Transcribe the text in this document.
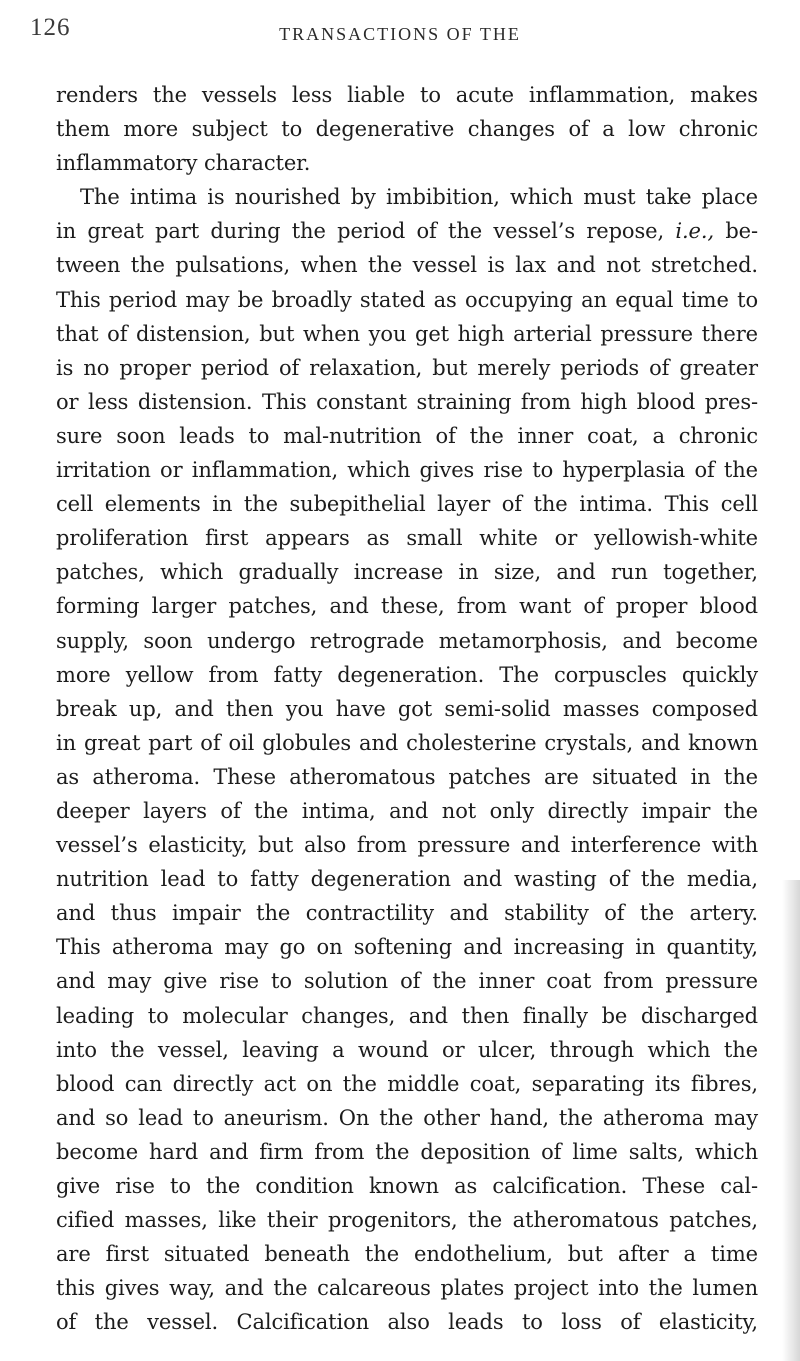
126	TRANSACTIONS OF THE
renders the vessels less liable to acute inflammation, makes
them more subject to degenerative changes of a low chronic
inflammatory character.
The intima is nourished by imbibition, which must take place
in great part during the period of the vessel’s repose, i.e., be-
tween the pulsations, when the vessel is lax and not stretched.
This period may be broadly stated as occupying an equal time to
that of distension, but when you get high arterial pressure there
is no proper period of relaxation, but merely periods of greater
or less distension. This constant straining from high blood pres-
sure soon leads to mal-nutrition of the inner coat, a chronic
irritation or inflammation, which gives rise to hyperplasia of the
cell elements in the subepithelial layer of the intima. This cell
proliferation first appears as small white or yellowish-white
patches, which gradually increase in size, and run together,
forming larger patches, and these, from want of proper blood
supply, soon undergo retrograde metamorphosis, and become
more yellow from fatty degeneration. The corpuscles quickly
break up, and then you have got semi-solid masses composed
in great part of oil globules and cholesterine crystals, and known
as atheroma. These atheromatous patches are situated in the
deeper layers of the intima, and not only directly impair the
vessel’s elasticity, but also from pressure and interference with
nutrition lead to fatty degeneration and wasting of the media,
and thus impair the contractility and stability of the artery.
This atheroma may go on softening and increasing in quantity,
and may give rise to solution of the inner coat from pressure
leading to molecular changes, and then finally be discharged
into the vessel, leaving a wound or ulcer, through which the
blood can directly act on the middle coat, separating its fibres,
and so lead to aneurism. On the other hand, the atheroma may
become hard and firm from the deposition of lime salts, which
give rise to the condition known as calcification. These cal-
cified masses, like their progenitors, the atheromatous patches,
are first situated beneath the endothelium, but after a time
this gives way, and the calcareous plates project into the lumen
of the vessel. Calcification also leads to loss of elasticity,
